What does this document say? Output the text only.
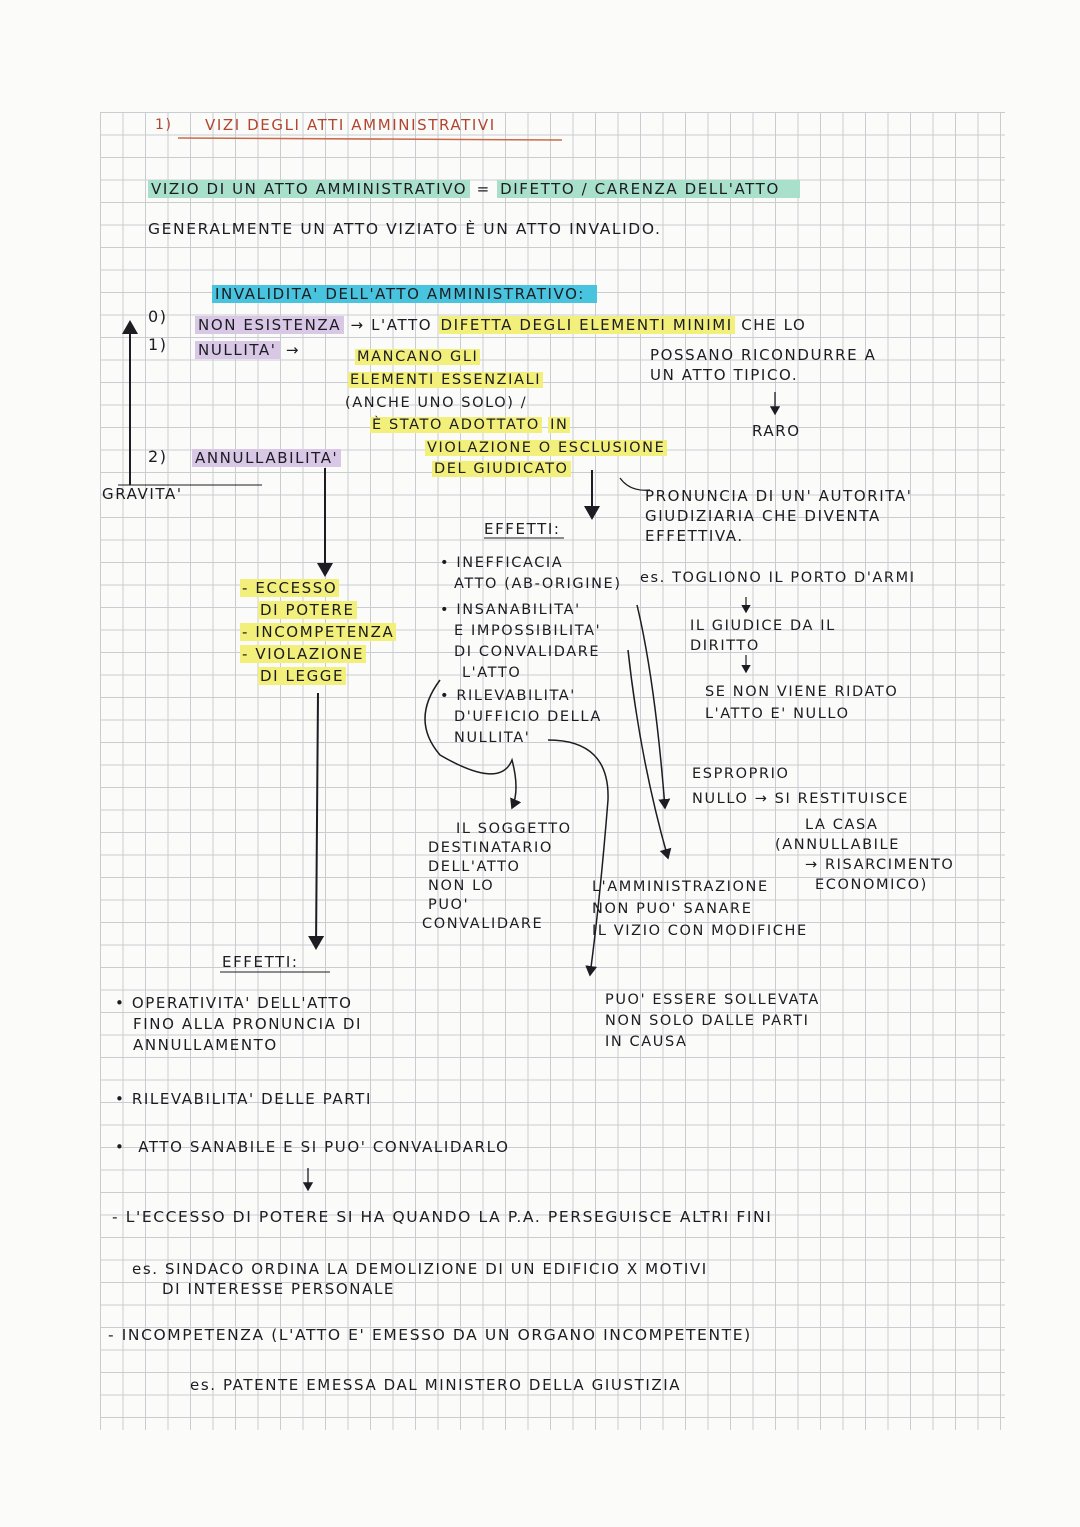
1) VIZI DEGLI ATTI AMMINISTRATIVI
VIZIO DI UN ATTO AMMINISTRATIVO = DIFETTO / CARENZA DELL'ATTO
GENERALMENTE UN ATTO VIZIATO È UN ATTO INVALIDO.
INVALIDITA' DELL'ATTO AMMINISTRATIVO:
0) NON ESISTENZA → L'ATTO DIFETTA DEGLI ELEMENTI MINIMI CHE LO
POSSANO RICONDURRE A
UN ATTO TIPICO.
RARO
1) NULLITA' →	MANCANO GLI
ELEMENTI ESSENZIALI
(ANCHE UNO SOLO) /
È STATO ADOTTATO IN
VIOLAZIONE O ESCLUSIONE
DEL GIUDICATO
2) ANNULLABILITA'
GRAVITA'	PRONUNCIA DI UN' AUTORITA'
GIUDIZIARIA CHE DIVENTA
EFFETTIVA.
EFFETTI:
• INEFFICACIA
ATTO (AB-ORIGINE)
• INSANABILITA'
E IMPOSSIBILITA'
DI CONVALIDARE
L'ATTO
• RILEVABILITA'
D'UFFICIO DELLA
NULLITA'
es. TOGLIONO IL PORTO D'ARMI
IL GIUDICE DA IL
DIRITTO
SE NON VIENE RIDATO
L'ATTO E' NULLO
ESPROPRIO
NULLO → SI RESTITUISCE
LA CASA
(ANNULLABILE
→ RISARCIMENTO
ECONOMICO)
IL SOGGETTO
DESTINATARIO
DELL'ATTO
NON LO
PUO'
CONVALIDARE
L'AMMINISTRAZIONE
NON PUO' SANARE
IL VIZIO CON MODIFICHE
PUO' ESSERE SOLLEVATA
NON SOLO DALLE PARTI
IN CAUSA
- ECCESSO
DI POTERE
- INCOMPETENZA
- VIOLAZIONE
DI LEGGE
EFFETTI:
• OPERATIVITA' DELL'ATTO
FINO ALLA PRONUNCIA DI
ANNULLAMENTO
• RILEVABILITA' DELLE PARTI
•  ATTO SANABILE E SI PUO' CONVALIDARLO
- L'ECCESSO DI POTERE SI HA QUANDO LA P.A. PERSEGUISCE ALTRI FINI
es. SINDACO ORDINA LA DEMOLIZIONE DI UN EDIFICIO X MOTIVI
DI INTERESSE PERSONALE
- INCOMPETENZA (L'ATTO E' EMESSO DA UN ORGANO INCOMPETENTE)
es. PATENTE EMESSA DAL MINISTERO DELLA GIUSTIZIA
